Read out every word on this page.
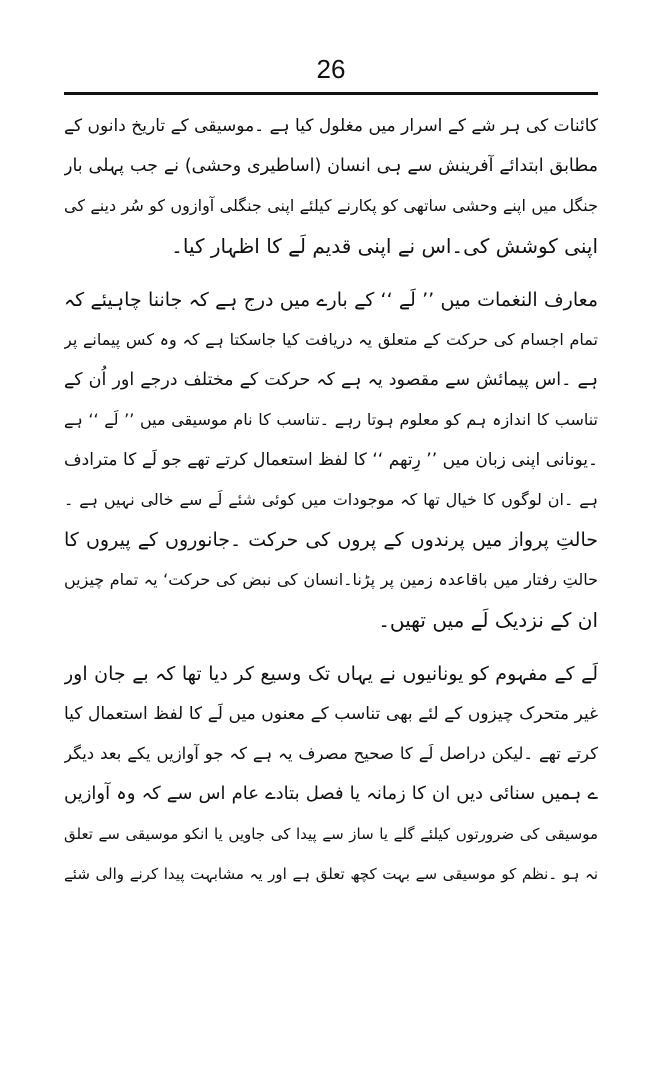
26
کائنات کی ہر شے کے اسرار میں مغلول کیا ہے ۔موسیقی کے تاریخ دانوں کے
مطابق ابتدائے آفرینش سے ہی انسان (اساطیری وحشی) نے جب پہلی بار
جنگل میں اپنے وحشی ساتھی کو پکارنے کیلئے اپنی جنگلی آوازوں کو سُر دینے کی
اپنی کوشش کی۔اس نے اپنی قدیم لَے کا اظہار کیا۔
معارف النغمات میں ’’ لَے ‘‘ کے بارے میں درج ہے کہ جاننا چاہیئے کہ
تمام اجسام کی حرکت کے متعلق یہ دریافت کیا جاسکتا ہے کہ وہ کس پیمانے پر
ہے ۔اس پیمائش سے مقصود یہ ہے کہ حرکت کے مختلف درجے اور اُن کے
تناسب کا اندازہ ہم کو معلوم ہوتا رہے ۔تناسب کا نام موسیقی میں ’’ لَے ‘‘ ہے
۔یونانی اپنی زبان میں ’’ رِتھم ‘‘ کا لفظ استعمال کرتے تھے جو لَے کا مترادف
ہے ۔ان لوگوں کا خیال تھا کہ موجودات میں کوئی شئے لَے سے خالی نہیں ہے ۔
حالتِ پرواز میں پرندوں کے پروں کی حرکت ۔جانوروں کے پیروں کا
حالتِ رفتار میں باقاعدہ زمین پر پڑنا۔انسان کی نبض کی حرکت‘ یہ تمام چیزیں
ان کے نزدیک لَے میں تھیں۔
لَے کے مفہوم کو یونانیوں نے یہاں تک وسیع کر دیا تھا کہ بے جان اور
غیر متحرک چیزوں کے لئے بھی تناسب کے معنوں میں لَے کا لفظ استعمال کیا
کرتے تھے ۔لیکن دراصل لَے کا صحیح مصرف یہ ہے کہ جو آوازیں یکے بعد دیگر
ے ہمیں سنائی دیں ان کا زمانہ یا فصل بتادے عام اس سے کہ وہ آوازیں
موسیقی کی ضرورتوں کیلئے گلے یا ساز سے پیدا کی جاویں یا انکو موسیقی سے تعلق
نہ ہو ۔نظم کو موسیقی سے بہت کچھ تعلق ہے اور یہ مشابہت پیدا کرنے والی شئے
